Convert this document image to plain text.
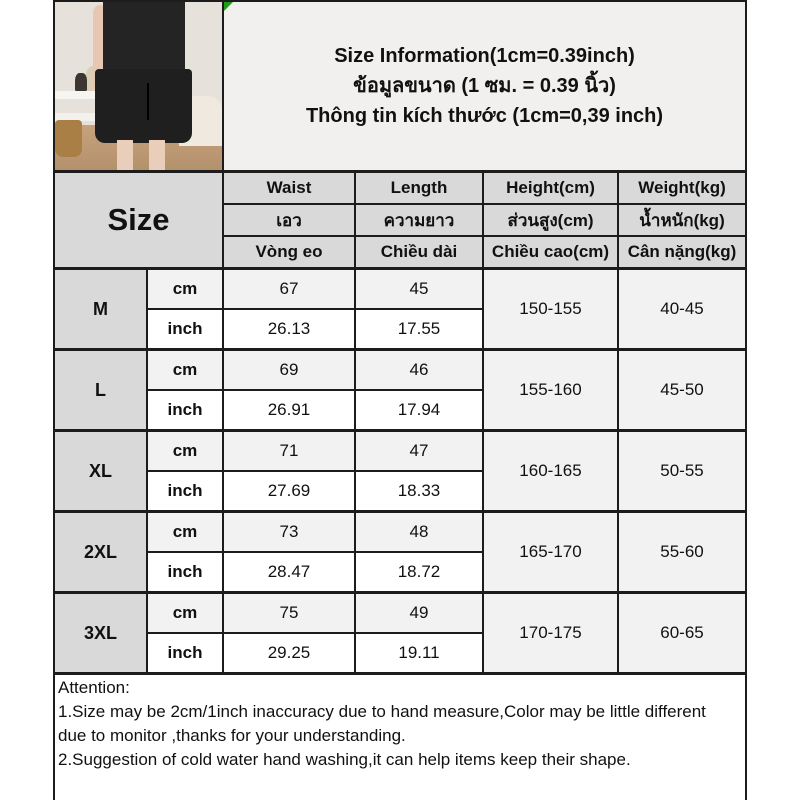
		Size Information(1cm=0.39inch)
ข้อมูลขนาด (1 ซม. = 0.39 นิ้ว)
Thông tin kích thước (1cm=0,39 inch)			

Size		Waist	Length	Height(cm)	Weight(kg)
		เอว	ความยาว	ส่วนสูง(cm)	น้ำหนัก(kg)
		Vòng eo	Chiều dài	Chiều cao(cm)	Cân nặng(kg)
M	cm	67	45	150-155	40-45
	inch	26.13	17.55		
L	cm	69	46	155-160	45-50
	inch	26.91	17.94		
XL	cm	71	47	160-165	50-55
	inch	27.69	18.33		
2XL	cm	73	48	165-170	55-60
	inch	28.47	18.72		
3XL	cm	75	49	170-175	60-65
	inch	29.25	19.11		

Attention:
1.Size may be 2cm/1inch inaccuracy due to hand measure,Color may be little different due to monitor ,thanks for your understanding.
2.Suggestion of cold water hand washing,it can help items keep their shape.					
